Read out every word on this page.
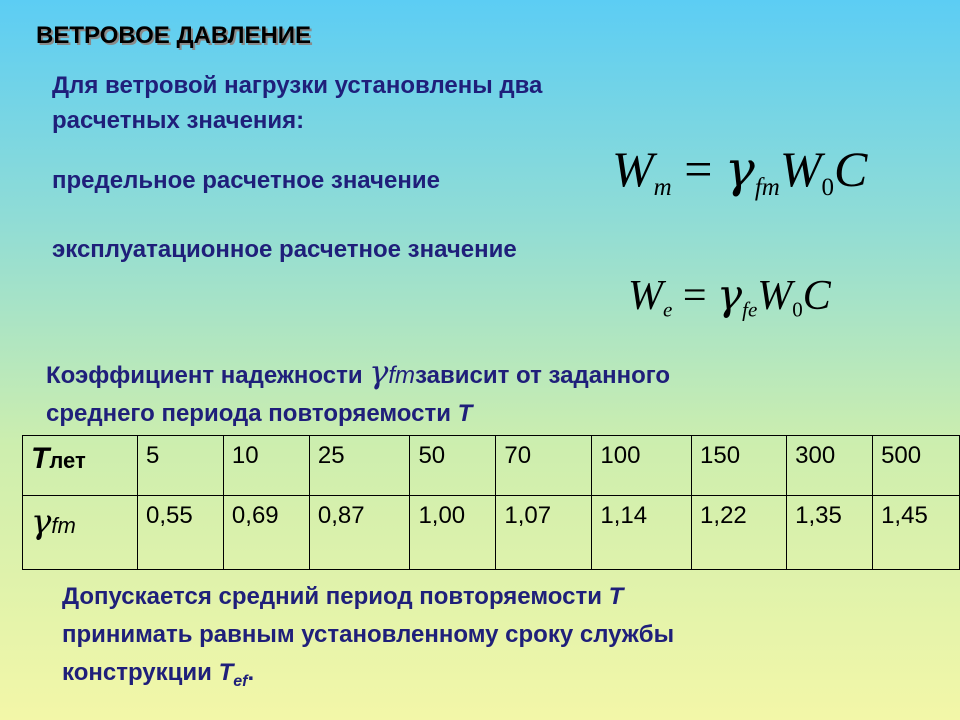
ВЕТРОВОЕ ДАВЛЕНИЕ
Для ветровой нагрузки установлены два
расчетных значения:
предельное расчетное значение	$W_m = \gamma_{fm}W_0C$
эксплуатационное расчетное значение
$W_e = \gamma_{fe}W_0C$
Коэффициент надежности γfmзависит от заданного
среднего периода повторяемости T
Tлет	5	10	25	50	70	100	150	300	500
γfm	0,55	0,69	0,87	1,00	1,07	1,14	1,22	1,35	1,45
Допускается средний период повторяемости Т
принимать равным установленному сроку службы
конструкции $T_{ef}$.
